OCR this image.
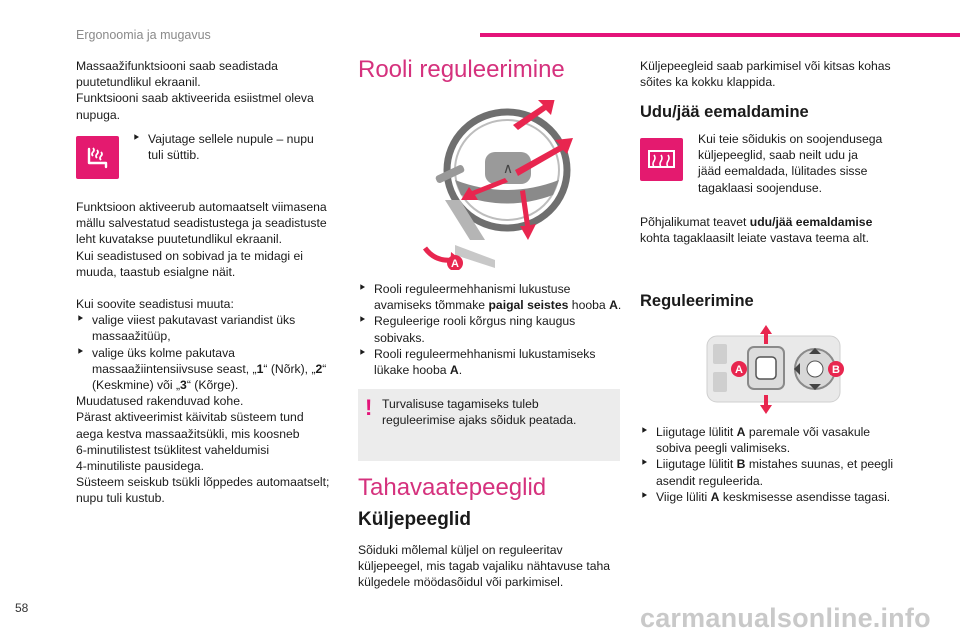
Ergonoomia ja mugavus

Massaažifunktsiooni saab seadistada

puutetundlikul ekraanil.

Funktsiooni saab aktiveerida esiistmel oleva

nupuga.

⯈ Vajutage sellele nupule – nupu

tuli süttib.

Funktsioon aktiveerub automaatselt viimasena

mällu salvestatud seadistustega ja seadistuste

leht kuvatakse puutetundlikul ekraanil.

Kui seadistused on sobivad ja te midagi ei

muuda, taastub esialgne näit.

Kui soovite seadistusi muuta:

⯈ valige viiest pakutavast variandist üks

massaažitüüp,

⯈ valige üks kolme pakutava

massaažiintensiivsuse seast, „1“ (Nõrk), „2“

(Keskmine) või „3“ (Kõrge).

Muudatused rakenduvad kohe.

Pärast aktiveerimist käivitab süsteem tund

aega kestva massaažitsükli, mis koosneb

6-minutilistest tsüklitest vaheldumisi

4-minutiliste pausidega.

Süsteem seiskub tsükli lõppedes automaatselt;

nupu tuli kustub.

Rooli reguleerimine
∧
A
⯈ Rooli reguleermehhanismi lukustuse

avamiseks tõmmake paigal seistes hooba A.

⯈ Reguleerige rooli kõrgus ning kaugus

sobivaks.

⯈ Rooli reguleermehhanismi lukustamiseks

lükake hooba A.

! Turvalisuse tagamiseks tuleb

reguleerimise ajaks sõiduk peatada.

Tahavaatepeeglid
Küljepeeglid

Sõiduki mõlemal küljel on reguleeritav

küljepeegel, mis tagab vajaliku nähtavuse taha

külgedele möödasõidul või parkimisel.

Küljepeegleid saab parkimisel või kitsas kohas

sõites ka kokku klappida.

Udu/jää eemaldamine

Kui teie sõidukis on soojendusega

küljepeeglid, saab neilt udu ja

jääd eemaldada, lülitades sisse

tagaklaasi soojenduse.

Põhjalikumat teavet udu/jää eemaldamise

kohta tagaklaasilt leiate vastava teema alt.

Reguleerimine
A	B
⯈ Liigutage lülitit A paremale või vasakule

sobiva peegli valimiseks.

⯈ Liigutage lülitit B mistahes suunas, et peegli

asendit reguleerida.

⯈ Viige lüliti A keskmisesse asendisse tagasi.

58	carmanualsonline.info
